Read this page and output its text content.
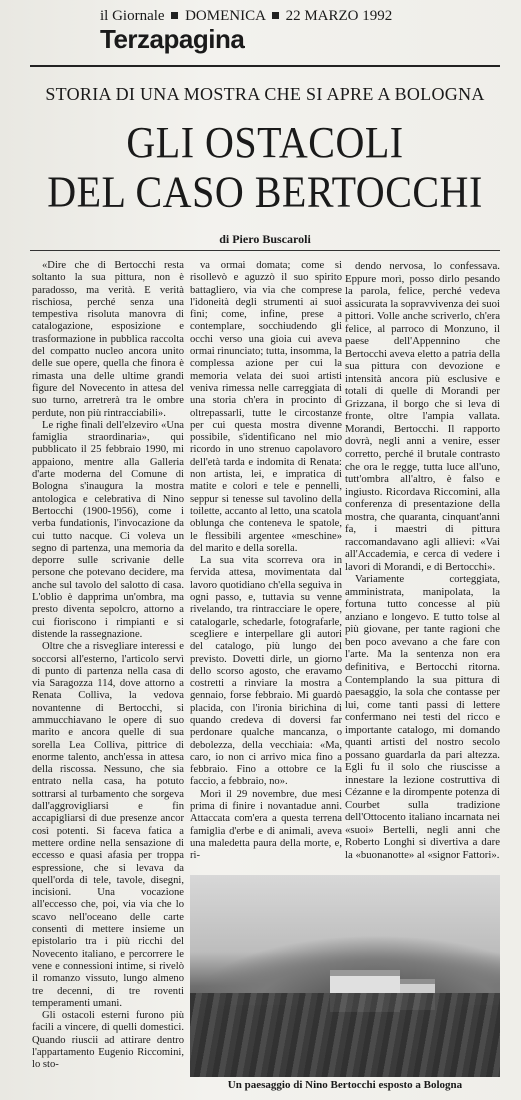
il Giornale DOMENICA 22 MARZO 1992
Terzapagina
STORIA DI UNA MOSTRA CHE SI APRE A BOLOGNA
GLI OSTACOLI
DEL CASO BERTOCCHI
di Piero Buscaroli

«Dire che di Bertocchi resta soltanto la sua pittura, non è paradosso, ma verità. E verità rischiosa, perché senza una tempestiva risoluta manovra di catalogazione, esposizione e trasformazione in pubblica raccolta del compatto nucleo ancora unito delle sue opere, quella che finora è rimasta una delle ultime grandi figure del Novecento in attesa del suo turno, arretrerà tra le ombre perdute, non più rintracciabili».

Le righe finali dell'elzeviro «Una famiglia straordinaria», qui pubblicato il 25 febbraio 1990, mi appaiono, mentre alla Galleria d'arte moderna del Comune di Bologna s'inaugura la mostra antologica e celebrativa di Nino Bertocchi (1900-1956), come i verba fundationis, l'invocazione da cui tutto nacque. Ci voleva un segno di partenza, una memoria da deporre sulle scrivanie delle persone che potevano decidere, ma anche sul tavolo del salotto di casa. L'oblio è dapprima un'ombra, ma presto diventa sepolcro, attorno a cui fioriscono i rimpianti e si distende la rassegnazione.

Oltre che a risvegliare interessi e soccorsi all'esterno, l'articolo servì di punto di partenza nella casa di via Saragozza 114, dove attorno a Renata Colliva, la vedova novantenne di Bertocchi, si ammucchiavano le opere di suo marito e ancora quelle di sua sorella Lea Colliva, pittrice di enorme talento, anch'essa in attesa della riscossa. Nessuno, che sia entrato nella casa, ha potuto sottrarsi al turbamento che sorgeva dall'aggrovigliarsi e fin accapigliarsi di due presenze ancor così potenti. Si faceva fatica a mettere ordine nella sensazione di eccesso e quasi afasia per troppa espressione, che si levava da quell'orda di tele, tavole, disegni, incisioni. Una vocazione all'eccesso che, poi, via via che lo scavo nell'oceano delle carte consentì di mettere insieme un epistolario tra i più ricchi del Novecento italiano, e percorrere le vene e connessioni intime, si rivelò il romanzo vissuto, lungo almeno tre decenni, di tre roventi temperamenti umani.

Gli ostacoli esterni furono più facili a vincere, di quelli domestici. Quando riuscii ad attirare dentro l'appartamento Eugenio Riccomini, lo sto-

va ormai domata; come si risollevò e aguzzò il suo spirito battagliero, via via che comprese l'idoneità degli strumenti ai suoi fini; come, infine, prese a contemplare, socchiudendo gli occhi verso una gioia cui aveva ormai rinunciato; tutta, insomma, la complessa azione per cui la memoria velata dei suoi artisti veniva rimessa nelle carreggiata di una storia ch'era in procinto di oltrepassarli, tutte le circostanze per cui questa mostra divenne possibile, s'identificano nel mio ricordo in uno strenuo capolavoro dell'età tarda e indomita di Renata: non artista, lei, e impratica di matite e colori e tele e pennelli, seppur si tenesse sul tavolino della toilette, accanto al letto, una scatola oblunga che conteneva le spatole, le flessibili argentee «meschine» del marito e della sorella.

La sua vita scorreva ora in fervida attesa, movimentata dal lavoro quotidiano ch'ella seguiva in ogni passo, e, tuttavia su venne rivelando, tra rintracciare le opere, catalogarle, schedarle, fotografarle, scegliere e interpellare gli autori del catalogo, più lungo del previsto. Dovetti dirle, un giorno dello scorso agosto, che eravamo costretti a rinviare la mostra a gennaio, forse febbraio. Mi guardò placida, con l'ironia birichina di quando credeva di doversi far perdonare qualche mancanza, o debolezza, della vecchiaia: «Ma, caro, io non ci arrivo mica fino a febbraio. Fino a ottobre ce la faccio, a febbraio, no».

Morì il 29 novembre, due mesi prima di finire i novantadue anni. Attaccata com'era a questa terrena famiglia d'erbe e di animali, aveva una maledetta paura della morte, e, ri-

dendo nervosa, lo confessava. Eppure morì, posso dirlo pesando la parola, felice, perché vedeva assicurata la sopravvivenza dei suoi pittori. Volle anche scriverlo, ch'era felice, al parroco di Monzuno, il paese dell'Appennino che Bertocchi aveva eletto a patria della sua pittura con devozione e intensità ancora più esclusive e totali di quelle di Morandi per Grizzana, il borgo che si leva di fronte, oltre l'ampia vallata. Morandi, Bertocchi. Il rapporto dovrà, negli anni a venire, esser corretto, perché il brutale contrasto che ora le regge, tutta luce all'uno, tutt'ombra all'altro, è falso e ingiusto. Ricordava Riccomini, alla conferenza di presentazione della mostra, che quaranta, cinquant'anni fa, i maestri di pittura raccomandavano agli allievi: «Vai all'Accademia, e cerca di vedere i lavori di Morandi, e di Bertocchi».

Variamente corteggiata, amministrata, manipolata, la fortuna tutto concesse al più anziano e longevo. E tutto tolse al più giovane, per tante ragioni che ben poco avevano a che fare con l'arte. Ma la sentenza non era definitiva, e Bertocchi ritorna. Contemplando la sua pittura di paesaggio, la sola che contasse per lui, come tanti passi di lettere confermano nei testi del ricco e importante catalogo, mi domando quanti artisti del nostro secolo possano guardarla da pari altezza. Egli fu il solo che riuscisse a innestare la lezione costruttiva di Cézanne e la dirompente potenza di Courbet sulla tradizione dell'Ottocento italiano incarnata nei «suoi» Bertelli, negli anni che Roberto Longhi si divertiva a dare la «buonanotte» al «signor Fattori».

Un paesaggio di Nino Bertocchi esposto a Bologna
